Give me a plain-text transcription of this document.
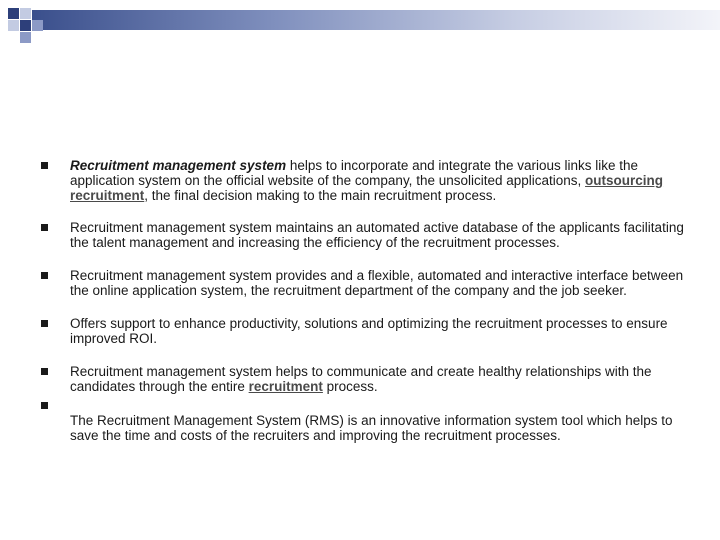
Recruitment management system helps to incorporate and integrate the various links like the application system on the official website of the company, the unsolicited applications, outsourcing recruitment, the final decision making to the main recruitment process.
Recruitment management system maintains an automated active database of the applicants facilitating the talent management and increasing the efficiency of the recruitment processes.
Recruitment management system provides and a flexible, automated and interactive interface between the online application system, the recruitment department of the company and the job seeker.
Offers support to enhance productivity, solutions and optimizing the recruitment processes to ensure improved ROI.
Recruitment management system helps to communicate and create healthy relationships with the candidates through the entire recruitment process.
The Recruitment Management System (RMS) is an innovative information system tool which helps to save the time and costs of the recruiters and improving the recruitment processes.
